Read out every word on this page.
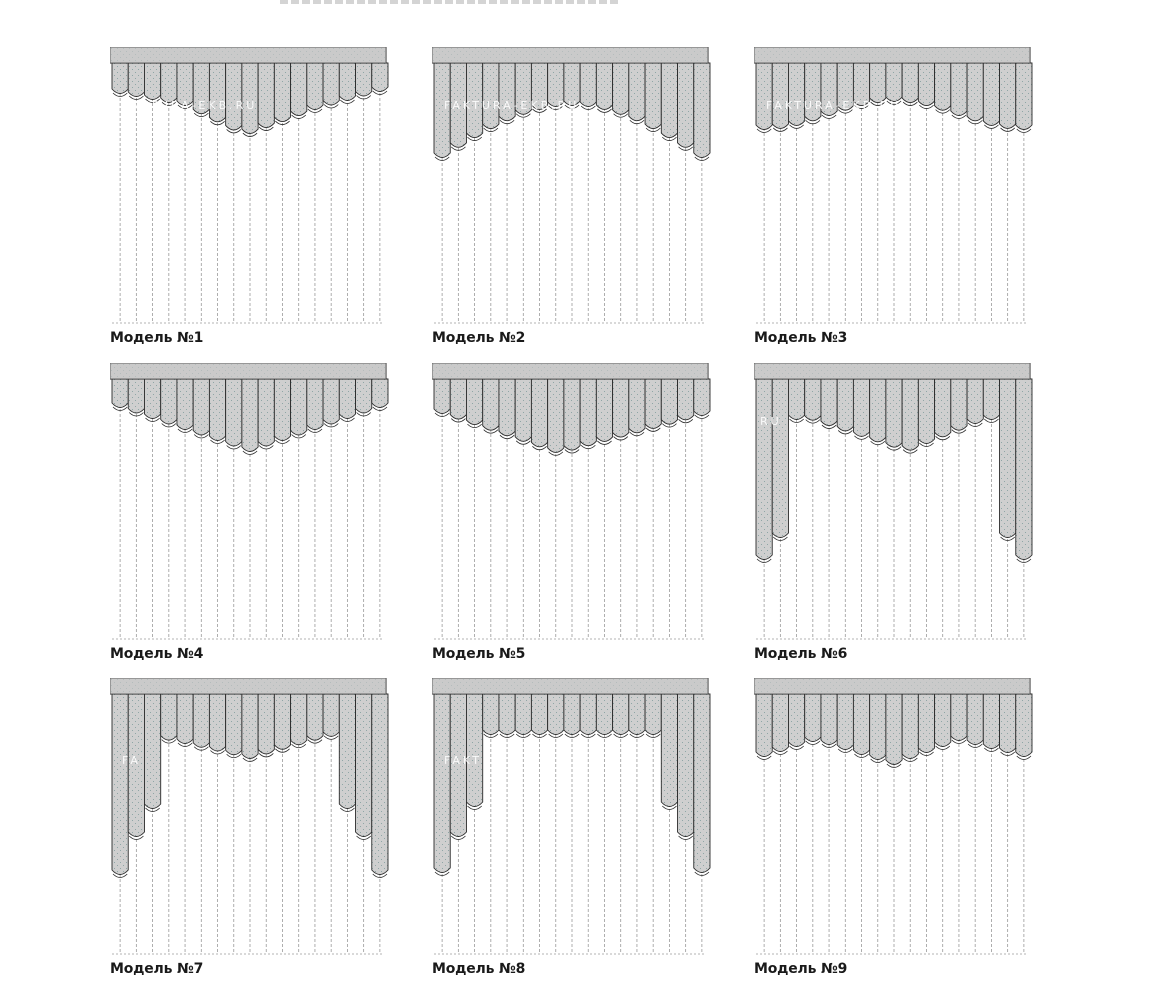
FAKTURA-EKB.RU
Модель №1
FAKTURA-EKB.RU
Модель №2
FAKTURA-EKB.RU
Модель №3
Модель №4	Модель №5
RU
Модель №6
FA
Модель №7
FAKT
Модель №8	Модель №9
